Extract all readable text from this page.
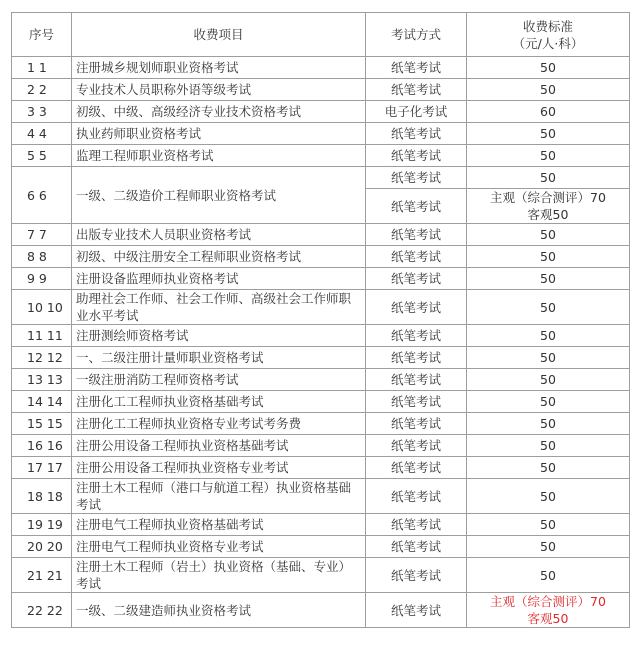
序号	收费项目	考试方式	收费标准
（元/人·科）
1 1	注册城乡规划师职业资格考试	纸笔考试	50
2 2	专业技术人员职称外语等级考试	纸笔考试	50
3 3	初级、中级、高级经济专业技术资格考试	电子化考试	60
4 4	执业药师职业资格考试	纸笔考试	50
5 5	监理工程师职业资格考试	纸笔考试	50
6 6	一级、二级造价工程师职业资格考试	纸笔考试	50
		纸笔考试	主观（综合测评）70
客观50
7 7	出版专业技术人员职业资格考试	纸笔考试	50
8 8	初级、中级注册安全工程师职业资格考试	纸笔考试	50
9 9	注册设备监理师执业资格考试	纸笔考试	50
10 10	助理社会工作师、社会工作师、高级社会工作师职业水平考试	纸笔考试	50
11 11	注册测绘师资格考试	纸笔考试	50
12 12	一、二级注册计量师职业资格考试	纸笔考试	50
13 13	一级注册消防工程师资格考试	纸笔考试	50
14 14	注册化工工程师执业资格基础考试	纸笔考试	50
15 15	注册化工工程师执业资格专业考试考务费	纸笔考试	50
16 16	注册公用设备工程师执业资格基础考试	纸笔考试	50
17 17	注册公用设备工程师执业资格专业考试	纸笔考试	50
18 18	注册土木工程师（港口与航道工程）执业资格基础考试	纸笔考试	50
19 19	注册电气工程师执业资格基础考试	纸笔考试	50
20 20	注册电气工程师执业资格专业考试	纸笔考试	50
21 21	注册土木工程师（岩土）执业资格（基础、专业）考试	纸笔考试	50
22 22	一级、二级建造师执业资格考试	纸笔考试	主观（综合测评）70
客观50
